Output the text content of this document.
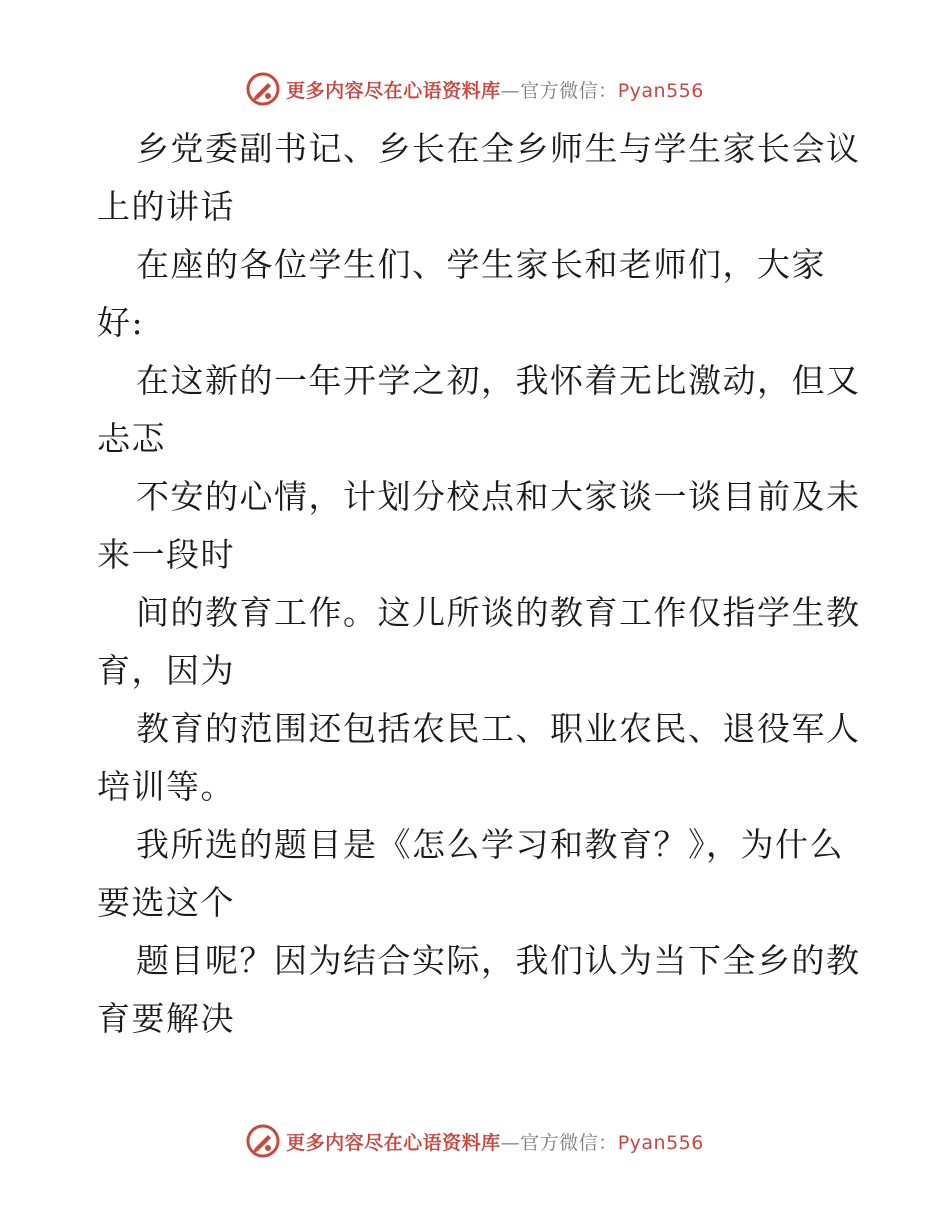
更多内容尽在心语资料库—官方微信：Pyan556
乡党委副书记、乡长在全乡师生与学生家长会议
上的讲话
在座的各位学生们、学生家长和老师们，大家
好:
在这新的一年开学之初，我怀着无比激动，但又
忐忑
不安的心情，计划分校点和大家谈一谈目前及未
来一段时
间的教育工作。这儿所谈的教育工作仅指学生教
育，因为
教育的范围还包括农民工、职业农民、退役军人
培训等。
我所选的题目是《怎么学习和教育？》，为什么
要选这个
题目呢？因为结合实际，我们认为当下全乡的教
育要解决
更多内容尽在心语资料库—官方微信：Pyan556
